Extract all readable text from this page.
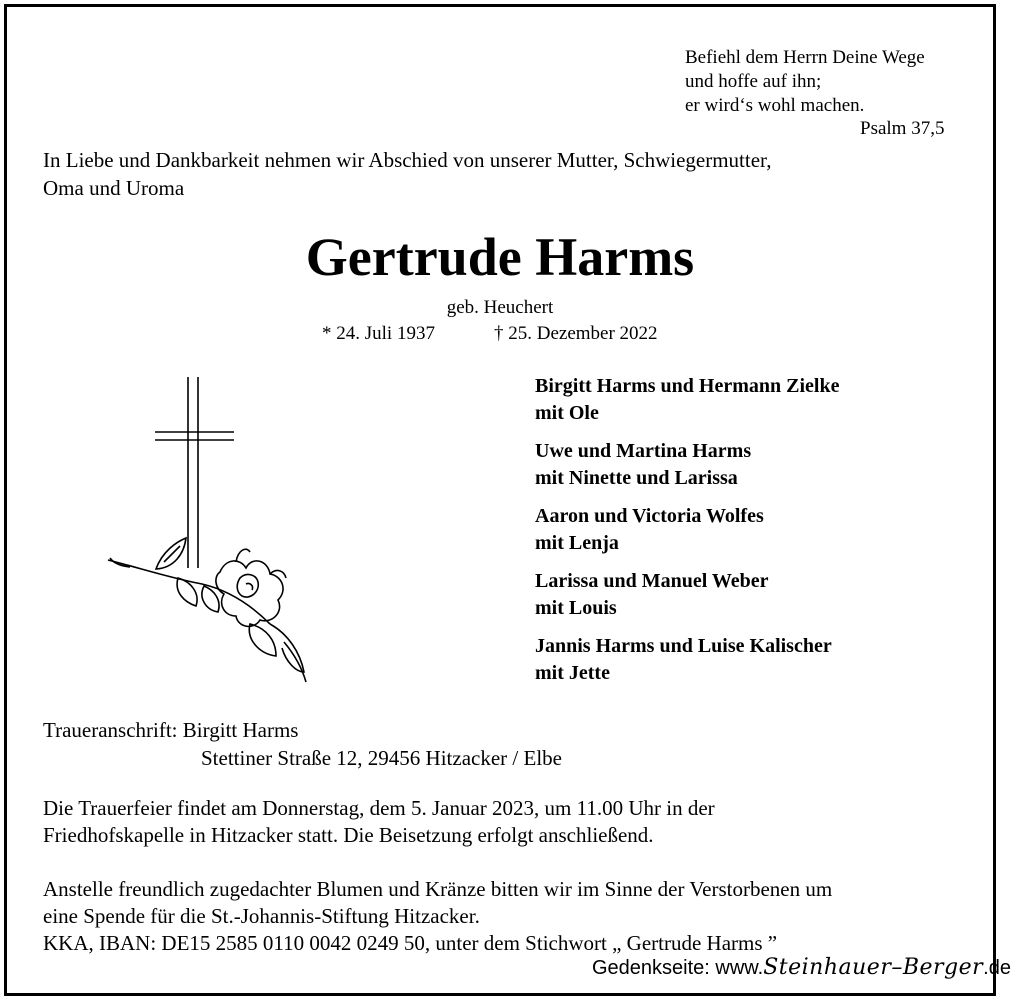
Befiehl dem Herrn Deine Wege
und hoffe auf ihn;
er wird‘s wohl machen.
Psalm 37,5
In Liebe und Dankbarkeit nehmen wir Abschied von unserer Mutter, Schwiegermutter,
Oma und Uroma
Gertrude Harms
geb. Heuchert
* 24. Juli 1937	† 25. Dezember 2022
Birgitt Harms und Hermann Zielke
mit Ole
Uwe und Martina Harms
mit Ninette und Larissa
Aaron und Victoria Wolfes
mit Lenja
Larissa und Manuel Weber
mit Louis
Jannis Harms und Luise Kalischer
mit Jette
Traueranschrift: Birgitt Harms
Stettiner Straße 12, 29456 Hitzacker / Elbe
Die Trauerfeier findet am Donnerstag, dem 5. Januar 2023, um 11.00 Uhr in der
Friedhofskapelle in Hitzacker statt. Die Beisetzung erfolgt anschließend.
Anstelle freundlich zugedachter Blumen und Kränze bitten wir im Sinne der Verstorbenen um
eine Spende für die St.-Johannis-Stiftung Hitzacker.
KKA, IBAN: DE15 2585 0110 0042 0249 50, unter dem Stichwort „ Gertrude Harms ”
Gedenkseite: www.Steinhauer–Berger.de
